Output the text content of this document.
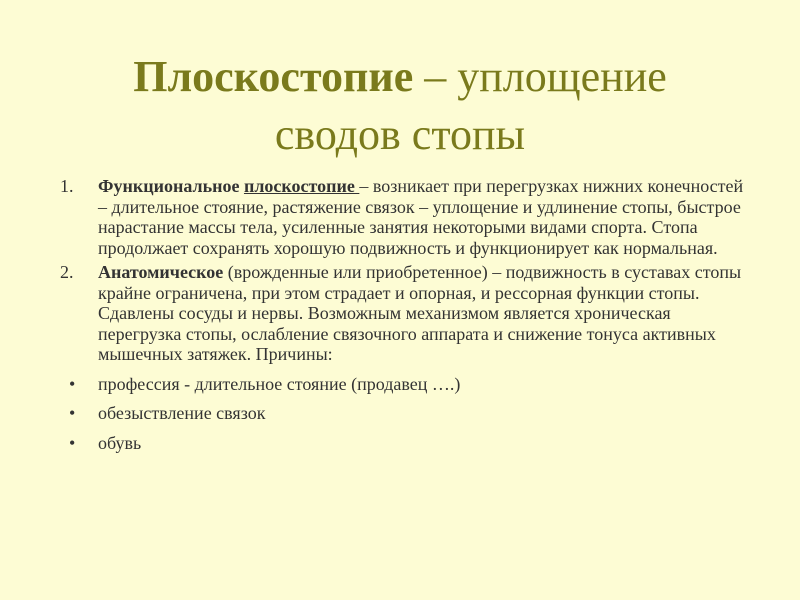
Плоскостопие – уплощение
сводов стопы
1. Функциональное плоскостопие – возникает при перегрузках нижних конечностей – длительное стояние, растяжение связок – уплощение и удлинение стопы, быстрое нарастание массы тела, усиленные занятия некоторыми видами спорта. Стопа продолжает сохранять хорошую подвижность и функционирует как нормальная.
2. Анатомическое (врожденные или приобретенное) – подвижность в суставах стопы крайне ограничена, при этом страдает и опорная, и рессорная функции стопы. Сдавлены сосуды и нервы. Возможным механизмом является хроническая перегрузка стопы, ослабление связочного аппарата и снижение тонуса активных мышечных затяжек. Причины:
• профессия - длительное стояние (продавец ….)
• обезыствление связок
• обувь
